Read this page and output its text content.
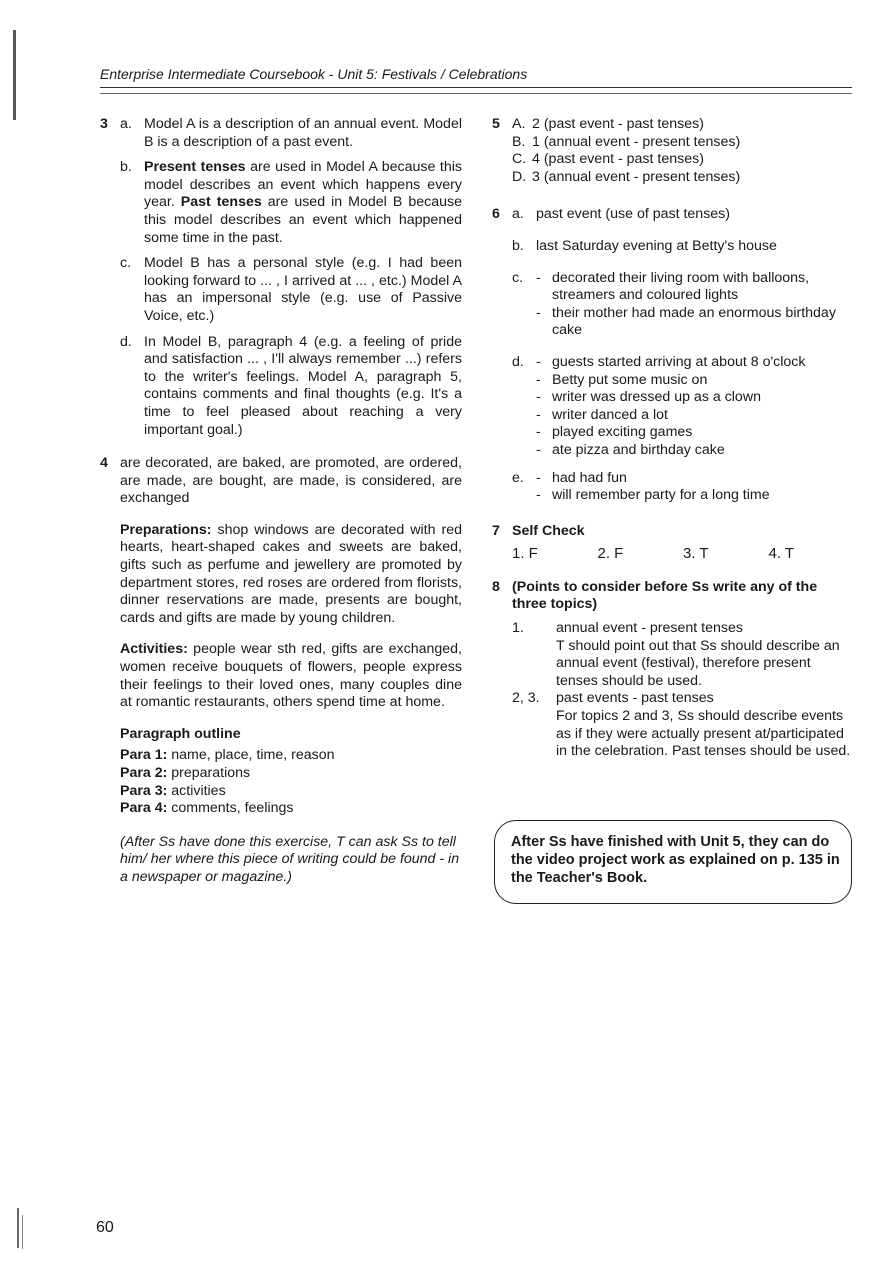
Enterprise Intermediate Coursebook - Unit 5: Festivals / Celebrations
3 a. Model A is a description of an annual event. Model B is a description of a past event.
b. Present tenses are used in Model A because this model describes an event which happens every year. Past tenses are used in Model B because this model describes an event which happened some time in the past.
c. Model B has a personal style (e.g. I had been looking forward to ... , I arrived at ... , etc.) Model A has an impersonal style (e.g. use of Passive Voice, etc.)
d. In Model B, paragraph 4 (e.g. a feeling of pride and satisfaction ... , I'll always remember ...) refers to the writer's feelings. Model A, paragraph 5, contains comments and final thoughts (e.g. It's a time to feel pleased about reaching a very important goal.)
4 are decorated, are baked, are promoted, are ordered, are made, are bought, are made, is considered, are exchanged
Preparations: shop windows are decorated with red hearts, heart-shaped cakes and sweets are baked, gifts such as perfume and jewellery are promoted by department stores, red roses are ordered from florists, dinner reservations are made, presents are bought, cards and gifts are made by young children.
Activities: people wear sth red, gifts are exchanged, women receive bouquets of flowers, people express their feelings to their loved ones, many couples dine at romantic restaurants, others spend time at home.
Paragraph outline
Para 1: name, place, time, reason
Para 2: preparations
Para 3: activities
Para 4: comments, feelings
(After Ss have done this exercise, T can ask Ss to tell him/ her where this piece of writing could be found - in a newspaper or magazine.)
5 A. 2 (past event - past tenses)
B. 1 (annual event - present tenses)
C. 4 (past event - past tenses)
D. 3 (annual event - present tenses)
6 a. past event (use of past tenses)
b. last Saturday evening at Betty's house
c.	- decorated their living room with balloons, streamers and coloured lights
- their mother had made an enormous birthday cake
d.	- guests started arriving at about 8 o'clock
- Betty put some music on
- writer was dressed up as a clown
- writer danced a lot
- played exciting games
- ate pizza and birthday cake
e.	- had had fun
- will remember party for a long time
7 Self Check
1. F	2. F	3. T	4. T
8 (Points to consider before Ss write any of the three topics)
1. annual event - present tenses
T should point out that Ss should describe an annual event (festival), therefore present tenses should be used.
2, 3. past events - past tenses
For topics 2 and 3, Ss should describe events as if they were actually present at/participated in the celebration. Past tenses should be used.
After Ss have finished with Unit 5, they can do the video project work as explained on p. 135 in the Teacher's Book.
60
